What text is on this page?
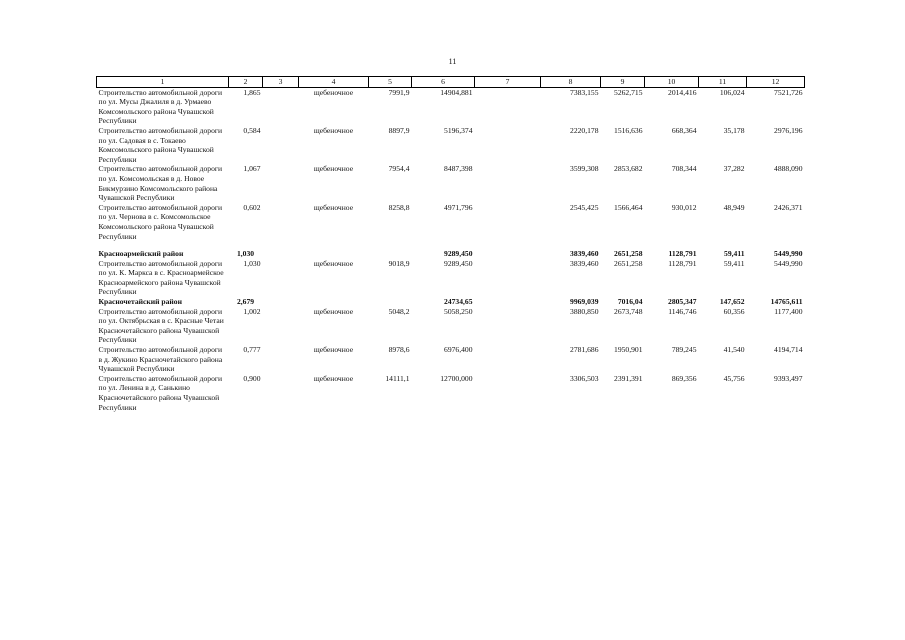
11
1	2	3	4	5	6	7	8	9	10	11	12
Строительство автомобильной дороги по ул. Мусы Джалиля в д. Урмаево Комсомольского района Чувашской Республики	1,865		щебеночное	7991,9	14904,881		7383,155	5262,715	2014,416	106,024	7521,726
Строительство автомобильной дороги по ул. Садовая в с. Токаево Комсомольского района Чувашской Республики	0,584		щебеночное	8897,9	5196,374		2220,178	1516,636	668,364	35,178	2976,196
Строительство автомобильной дороги по ул. Комсомольская в д. Новое Бикмурзино Комсомольского района Чувашской Республики	1,067		щебеночное	7954,4	8487,398		3599,308	2853,682	708,344	37,282	4888,090
Строительство автомобильной дороги по ул. Чернова в с. Комсомольское Комсомольского района Чувашской Республики	0,602		щебеночное	8258,8	4971,796		2545,425	1566,464	930,012	48,949	2426,371

Красноармейский район	1,030				9289,450		3839,460	2651,258	1128,791	59,411	5449,990
Строительство автомобильной дороги по ул. К. Маркса в с. Красноармейское Красноармейского района Чувашской Республики	1,030		щебеночное	9018,9	9289,450		3839,460	2651,258	1128,791	59,411	5449,990
Красночетайский район	2,679				24734,65		9969,039	7016,04	2805,347	147,652	14765,611
Строительство автомобильной дороги по ул. Октябрьская в с. Красные Четаи Красночетайского района Чувашской Республики	1,002		щебеночное	5048,2	5058,250		3880,850	2673,748	1146,746	60,356	1177,400
Строительство автомобильной дороги в д. Жукино Красночетайского района Чувашской Республики	0,777		щебеночное	8978,6	6976,400		2781,686	1950,901	789,245	41,540	4194,714
Строительство автомобильной дороги по ул. Ленина в д. Санькино Красночетайского района Чувашской Республики	0,900		щебеночное	14111,1	12700,000		3306,503	2391,391	869,356	45,756	9393,497
